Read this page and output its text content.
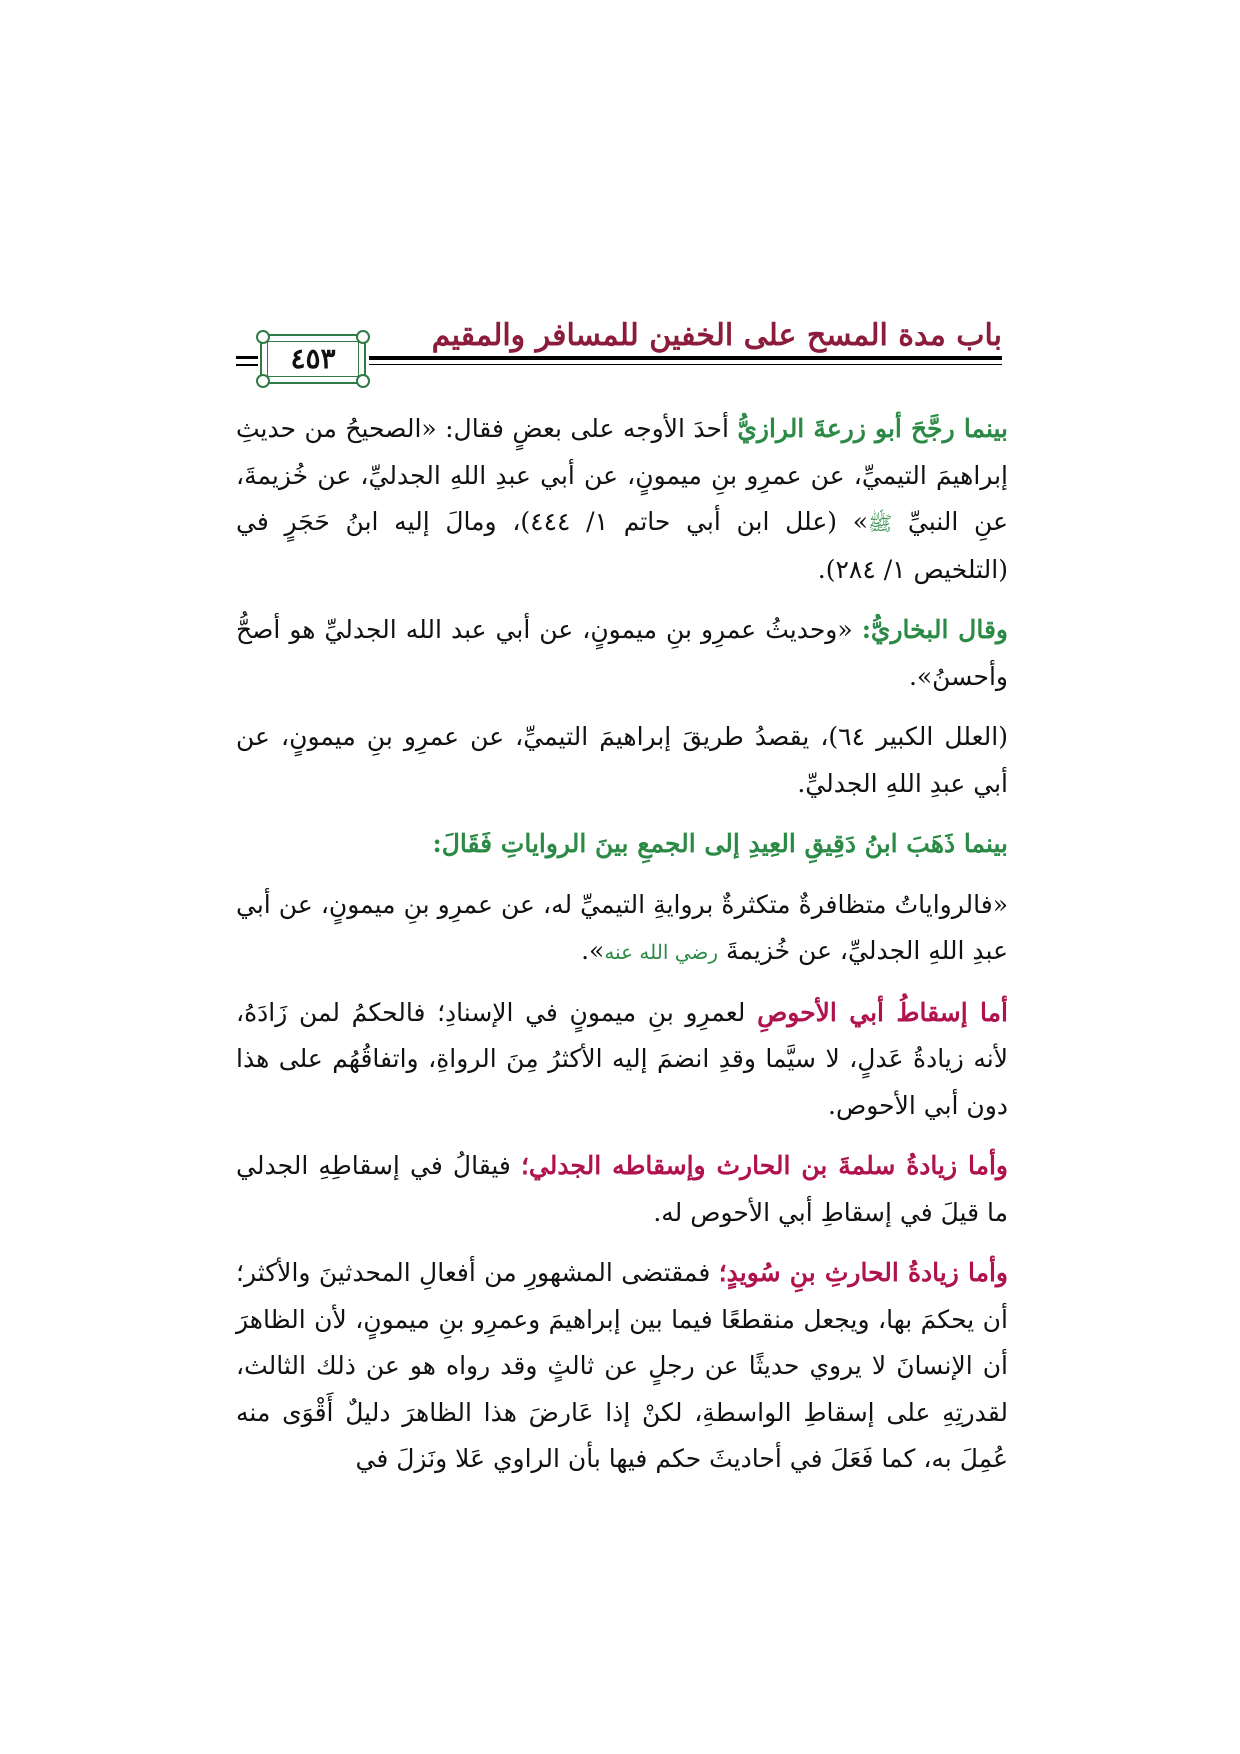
باب مدة المسح على الخفين للمسافر والمقيم
٤٥٣

بينما رجَّحَ أبو زرعةَ الرازيُّ أحدَ الأوجه على بعضٍ فقال: «الصحيحُ من حديثِ إبراهيمَ التيميِّ، عن عمرِو بنِ ميمونٍ، عن أبي عبدِ اللهِ الجدليِّ، عن خُزيمةَ، عنِ النبيِّ ﷺ» (علل ابن أبي حاتم ١/ ٤٤٤)، ومالَ إليه ابنُ حَجَرٍ في (التلخيص ١/ ٢٨٤).

وقال البخاريُّ: «وحديثُ عمرِو بنِ ميمونٍ، عن أبي عبد الله الجدليِّ هو أصحُّ وأحسنُ».

(العلل الكبير ٦٤)، يقصدُ طريقَ إبراهيمَ التيميِّ، عن عمرِو بنِ ميمونٍ، عن أبي عبدِ اللهِ الجدليِّ.

بينما ذَهَبَ ابنُ دَقِيقِ العِيدِ إلى الجمعِ بينَ الرواياتِ فَقَالَ:

«فالرواياتُ متظافرةٌ متكثرةٌ بروايةِ التيميِّ له، عن عمرِو بنِ ميمونٍ، عن أبي عبدِ اللهِ الجدليِّ، عن خُزيمةَ رضي الله عنه».

أما إسقاطُ أبي الأحوصِ لعمرِو بنِ ميمونٍ في الإسنادِ؛ فالحكمُ لمن زَادَهُ، لأنه زيادةُ عَدلٍ، لا سيَّما وقدِ انضمَ إليه الأكثرُ مِنَ الرواةِ، واتفاقُهُم على هذا دون أبي الأحوص.

وأما زيادةُ سلمةَ بن الحارث وإسقاطه الجدلي؛ فيقالُ في إسقاطِهِ الجدلي ما قيلَ في إسقاطِ أبي الأحوص له.

وأما زيادةُ الحارثِ بنِ سُويدٍ؛ فمقتضى المشهورِ من أفعالِ المحدثينَ والأكثر؛ أن يحكمَ بها، ويجعل منقطعًا فيما بين إبراهيمَ وعمرِو بنِ ميمونٍ، لأن الظاهرَ أن الإنسانَ لا يروي حديثًا عن رجلٍ عن ثالثٍ وقد رواه هو عن ذلك الثالث، لقدرتِهِ على إسقاطِ الواسطةِ، لكنْ إذا عَارضَ هذا الظاهرَ دليلٌ أَقْوَى منه عُمِلَ به، كما فَعَلَ في أحاديثَ حكم فيها بأن الراوي عَلا ونَزلَ في
